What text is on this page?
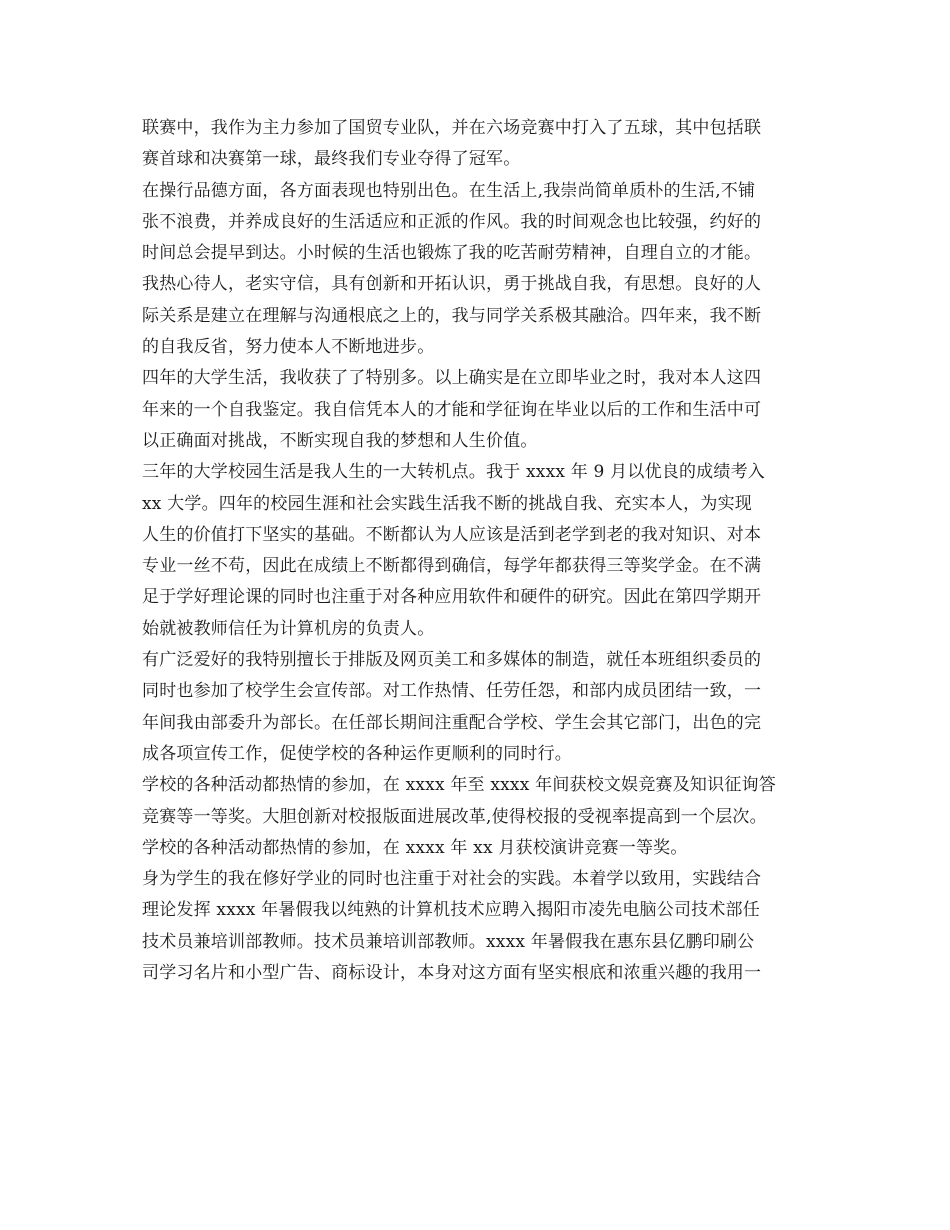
联赛中，我作为主力参加了国贸专业队，并在六场竞赛中打入了五球，其中包括联
赛首球和决赛第一球，最终我们专业夺得了冠军。
在操行品德方面，各方面表现也特别出色。在生活上,我崇尚简单质朴的生活,不铺
张不浪费，并养成良好的生活适应和正派的作风。我的时间观念也比较强，约好的
时间总会提早到达。小时候的生活也锻炼了我的吃苦耐劳精神，自理自立的才能。
我热心待人，老实守信，具有创新和开拓认识，勇于挑战自我，有思想。良好的人
际关系是建立在理解与沟通根底之上的，我与同学关系极其融洽。四年来，我不断
的自我反省，努力使本人不断地进步。
四年的大学生活，我收获了了特别多。以上确实是在立即毕业之时，我对本人这四
年来的一个自我鉴定。我自信凭本人的才能和学征询在毕业以后的工作和生活中可
以正确面对挑战，不断实现自我的梦想和人生价值。
三年的大学校园生活是我人生的一大转机点。我于 xxxx 年 9 月以优良的成绩考入
xx 大学。四年的校园生涯和社会实践生活我不断的挑战自我、充实本人，为实现
人生的价值打下坚实的基础。不断都认为人应该是活到老学到老的我对知识、对本
专业一丝不苟，因此在成绩上不断都得到确信，每学年都获得三等奖学金。在不满
足于学好理论课的同时也注重于对各种应用软件和硬件的研究。因此在第四学期开
始就被教师信任为计算机房的负责人。
有广泛爱好的我特别擅长于排版及网页美工和多媒体的制造，就任本班组织委员的
同时也参加了校学生会宣传部。对工作热情、任劳任怨，和部内成员团结一致，一
年间我由部委升为部长。在任部长期间注重配合学校、学生会其它部门，出色的完
成各项宣传工作，促使学校的各种运作更顺利的同时行。
学校的各种活动都热情的参加，在 xxxx 年至 xxxx 年间获校文娱竞赛及知识征询答
竞赛等一等奖。大胆创新对校报版面进展改革,使得校报的受视率提高到一个层次。
学校的各种活动都热情的参加，在 xxxx 年 xx 月获校演讲竞赛一等奖。
身为学生的我在修好学业的同时也注重于对社会的实践。本着学以致用，实践结合
理论发挥 xxxx 年暑假我以纯熟的计算机技术应聘入揭阳市凌先电脑公司技术部任
技术员兼培训部教师。技术员兼培训部教师。xxxx 年暑假我在惠东县亿鹏印刷公
司学习名片和小型广告、商标设计，本身对这方面有坚实根底和浓重兴趣的我用一
